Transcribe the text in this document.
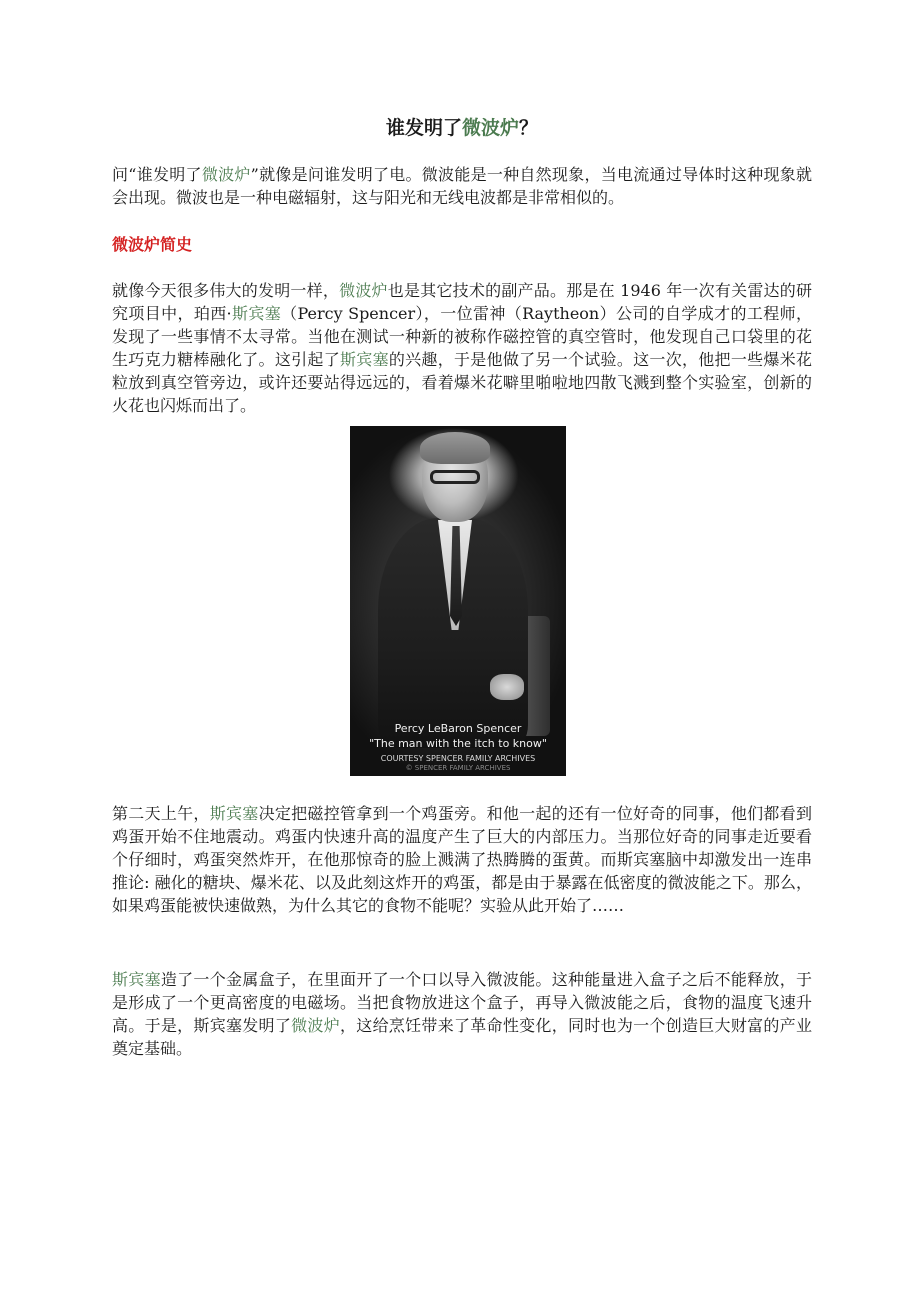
谁发明了微波炉？

问“谁发明了微波炉”就像是问谁发明了电。微波能是一种自然现象，当电流通过导体时这种现象就会出现。微波也是一种电磁辐射，这与阳光和无线电波都是非常相似的。

微波炉简史

就像今天很多伟大的发明一样，微波炉也是其它技术的副产品。那是在 1946 年一次有关雷达的研究项目中，珀西·斯宾塞（Percy Spencer），一位雷神（Raytheon）公司的自学成才的工程师，发现了一些事情不太寻常。当他在测试一种新的被称作磁控管的真空管时，他发现自己口袋里的花生巧克力糖棒融化了。这引起了斯宾塞的兴趣，于是他做了另一个试验。这一次，他把一些爆米花粒放到真空管旁边，或许还要站得远远的，看着爆米花噼里啪啦地四散飞溅到整个实验室，创新的火花也闪烁而出了。

Percy LeBaron Spencer
"The man with the itch to know"
COURTESY SPENCER FAMILY ARCHIVES
© SPENCER FAMILY ARCHIVES

第二天上午，斯宾塞决定把磁控管拿到一个鸡蛋旁。和他一起的还有一位好奇的同事，他们都看到鸡蛋开始不住地震动。鸡蛋内快速升高的温度产生了巨大的内部压力。当那位好奇的同事走近要看个仔细时，鸡蛋突然炸开，在他那惊奇的脸上溅满了热腾腾的蛋黄。而斯宾塞脑中却激发出一连串推论: 融化的糖块、爆米花、以及此刻这炸开的鸡蛋，都是由于暴露在低密度的微波能之下。那么，如果鸡蛋能被快速做熟，为什么其它的食物不能呢？实验从此开始了……

斯宾塞造了一个金属盒子，在里面开了一个口以导入微波能。这种能量进入盒子之后不能释放，于是形成了一个更高密度的电磁场。当把食物放进这个盒子，再导入微波能之后，食物的温度飞速升高。于是，斯宾塞发明了微波炉，这给烹饪带来了革命性变化，同时也为一个创造巨大财富的产业奠定基础。
